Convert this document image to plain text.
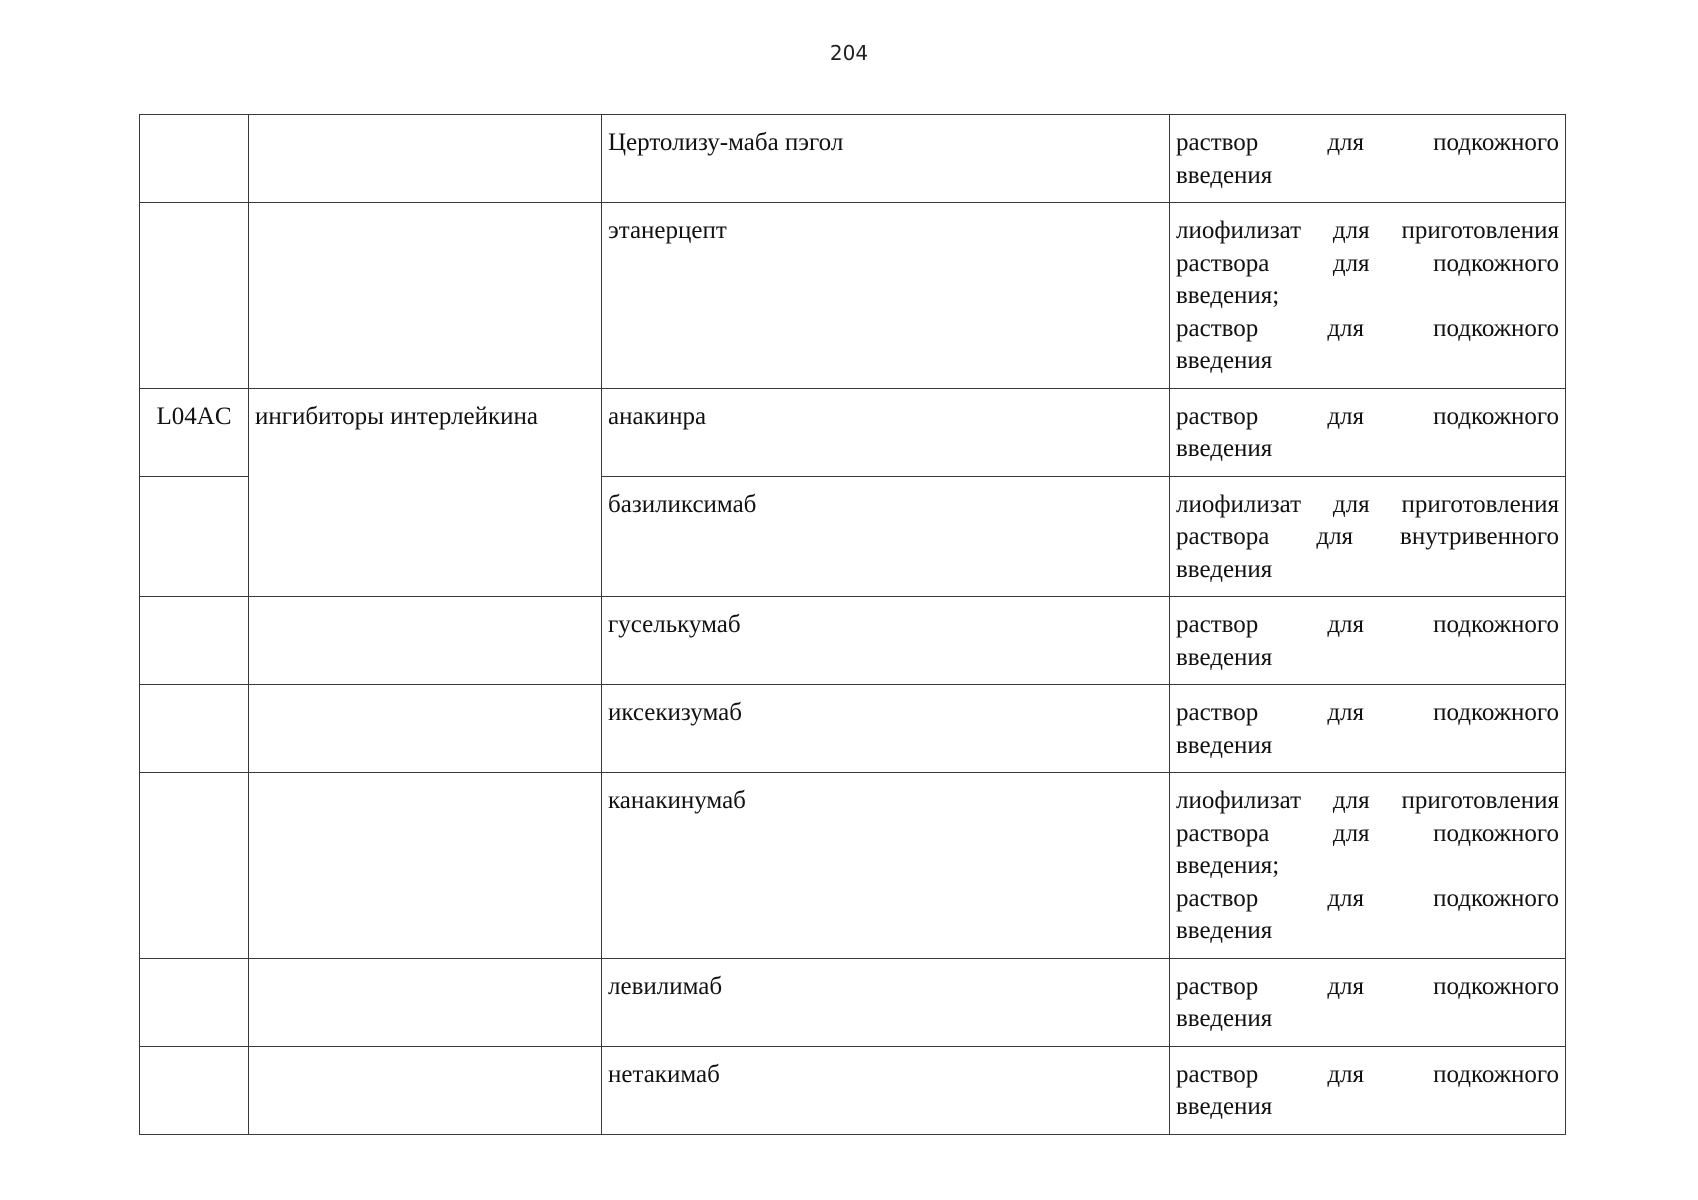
204
		Цертолизу-маба пэгол	раствор для подкожного
введения

		этанерцепт	лиофилизат для приготовления
раствора для подкожного
введения;
раствор для подкожного
введения

L04AC	ингибиторы интерлейкина	анакинра	раствор для подкожного
введения

		базиликсимаб	лиофилизат для приготовления
раствора для внутривенного
введения

		гуселькумаб	раствор для подкожного
введения

		иксекизумаб	раствор для подкожного
введения

		канакинумаб	лиофилизат для приготовления
раствора для подкожного
введения;
раствор для подкожного
введения

		левилимаб	раствор для подкожного
введения

		нетакимаб	раствор для подкожного
введения
